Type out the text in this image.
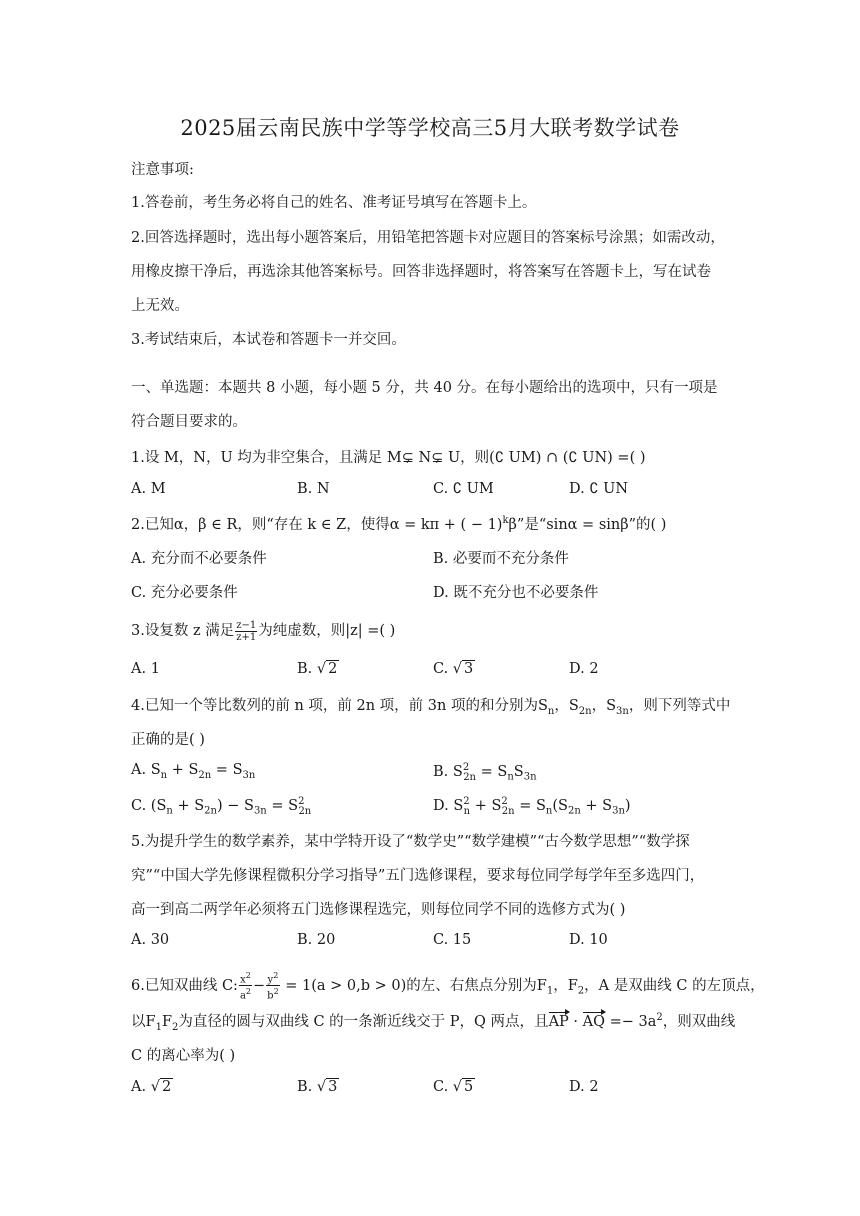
2025届云南民族中学等学校高三5月大联考数学试卷
注意事项:
1.答卷前，考生务必将自己的姓名、准考证号填写在答题卡上。
2.回答选择题时，选出每小题答案后，用铅笔把答题卡对应题目的答案标号涂黑；如需改动，
用橡皮擦干净后，再选涂其他答案标号。回答非选择题时，将答案写在答题卡上，写在试卷
上无效。
3.考试结束后，本试卷和答题卡一并交回。
一、单选题：本题共 8 小题，每小题 5 分，共 40 分。在每小题给出的选项中，只有一项是
符合题目要求的。
1.设 M，N，U 均为非空集合，且满足 M⊊ N⊊ U，则(∁ UM) ∩ (∁ UN) =( )
A. M	B. N	C. ∁ UM	D. ∁ UN
2.已知α，β ∈ R，则“存在 k ∈ Z，使得α = kπ + ( − 1)$^k$β”是“sinα = sinβ”的( )
A. 充分而不必要条件	B. 必要而不充分条件
C. 充分必要条件	D. 既不充分也不必要条件
3.设复数 z 满足 $\frac{z-1}{z+1}$ 为纯虚数，则|z| =( )
A. 1	B. √ 2	C. √ 3	D. 2
4.已知一个等比数列的前 n 项，前 2n 项，前 3n 项的和分别为$S_n$，$S_{2n}$，$S_{3n}$，则下列等式中
正确的是( )
A. $S_n + S_{2n} = S_{3n}$	B. $S^2_{2n} = S_nS_{3n}$
C. $(S_n + S_{2n}) - S_{3n} = S^2_{2n}$	D. $S^2_n + S^2_{2n} = S_n(S_{2n} + S_{3n})$
5.为提升学生的数学素养，某中学特开设了“数学史”“数学建模”“古今数学思想”“数学探
究”“中国大学先修课程微积分学习指导”五门选修课程，要求每位同学每学年至多选四门，
高一到高二两学年必须将五门选修课程选完，则每位同学不同的选修方式为( )
A. 30	B. 20	C. 15	D. 10
6.已知双曲线 C: $\frac{x^2}{a^2} - \frac{y^2}{b^2} = 1(a > 0,b > 0)$的左、右焦点分别为$F_1$，$F_2$，A 是双曲线 C 的左顶点，
以$F_1F_2$为直径的圆与双曲线 C 的一条渐近线交于 P，Q 两点，且AP · AQ =− $3a^2$，则双曲线
C 的离心率为( )
A. √ 2	B. √ 3	C. √ 5	D. 2
